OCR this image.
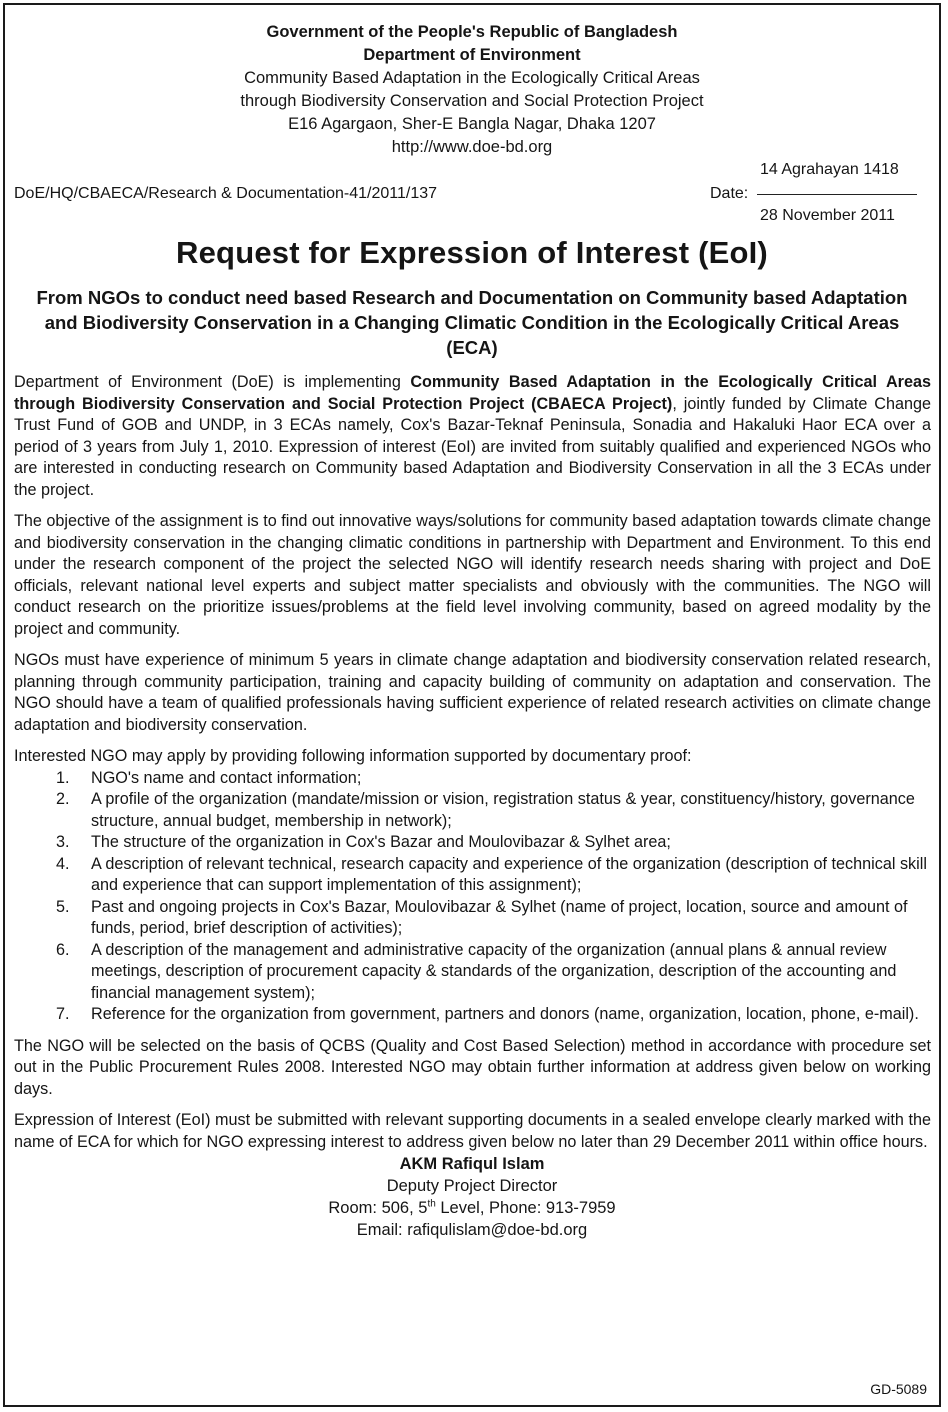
Government of the People's Republic of Bangladesh
Department of Environment
Community Based Adaptation in the Ecologically Critical Areas
through Biodiversity Conservation and Social Protection Project
E16 Agargaon, Sher-E Bangla Nagar, Dhaka 1207
http://www.doe-bd.org
DoE/HQ/CBAECA/Research & Documentation-41/2011/137
14 Agrahayan 1418
Date:
28 November 2011
Request for Expression of Interest (EoI)
From NGOs to conduct need based Research and Documentation on Community based Adaptation and Biodiversity Conservation in a Changing Climatic Condition in the Ecologically Critical Areas (ECA)

Department of Environment (DoE) is implementing Community Based Adaptation in the Ecologically Critical Areas through Biodiversity Conservation and Social Protection Project (CBAECA Project), jointly funded by Climate Change Trust Fund of GOB and UNDP, in 3 ECAs namely, Cox's Bazar-Teknaf Peninsula, Sonadia and Hakaluki Haor ECA over a period of 3 years from July 1, 2010. Expression of interest (EoI) are invited from suitably qualified and experienced NGOs who are interested in conducting research on Community based Adaptation and Biodiversity Conservation in all the 3 ECAs under the project.

The objective of the assignment is to find out innovative ways/solutions for community based adaptation towards climate change and biodiversity conservation in the changing climatic conditions in partnership with Department and Environment. To this end under the research component of the project the selected NGO will identify research needs sharing with project and DoE officials, relevant national level experts and subject matter specialists and obviously with the communities. The NGO will conduct research on the prioritize issues/problems at the field level involving community, based on agreed modality by the project and community.

NGOs must have experience of minimum 5 years in climate change adaptation and biodiversity conservation related research, planning through community participation, training and capacity building of community on adaptation and conservation. The NGO should have a team of qualified professionals having sufficient experience of related research activities on climate change adaptation and biodiversity conservation.

Interested NGO may apply by providing following information supported by documentary proof:

1. NGO's name and contact information;
2. A profile of the organization (mandate/mission or vision, registration status & year, constituency/history, governance structure, annual budget, membership in network);
3. The structure of the organization in Cox's Bazar and Moulovibazar & Sylhet area;
4. A description of relevant technical, research capacity and experience of the organization (description of technical skill and experience that can support implementation of this assignment);
5. Past and ongoing projects in Cox's Bazar, Moulovibazar & Sylhet (name of project, location, source and amount of funds, period, brief description of activities);
6. A description of the management and administrative capacity of the organization (annual plans & annual review meetings, description of procurement capacity & standards of the organization, description of the accounting and financial management system);
7. Reference for the organization from government, partners and donors (name, organization, location, phone, e-mail).

The NGO will be selected on the basis of QCBS (Quality and Cost Based Selection) method in accordance with procedure set out in the Public Procurement Rules 2008. Interested NGO may obtain further information at address given below on working days.

Expression of Interest (EoI) must be submitted with relevant supporting documents in a sealed envelope clearly marked with the name of ECA for which for NGO expressing interest to address given below no later than 29 December 2011 within office hours.

AKM Rafiqul Islam
Deputy Project Director
Room: 506, 5th Level, Phone: 913-7959
Email: rafiqulislam@doe-bd.org
GD-5089
